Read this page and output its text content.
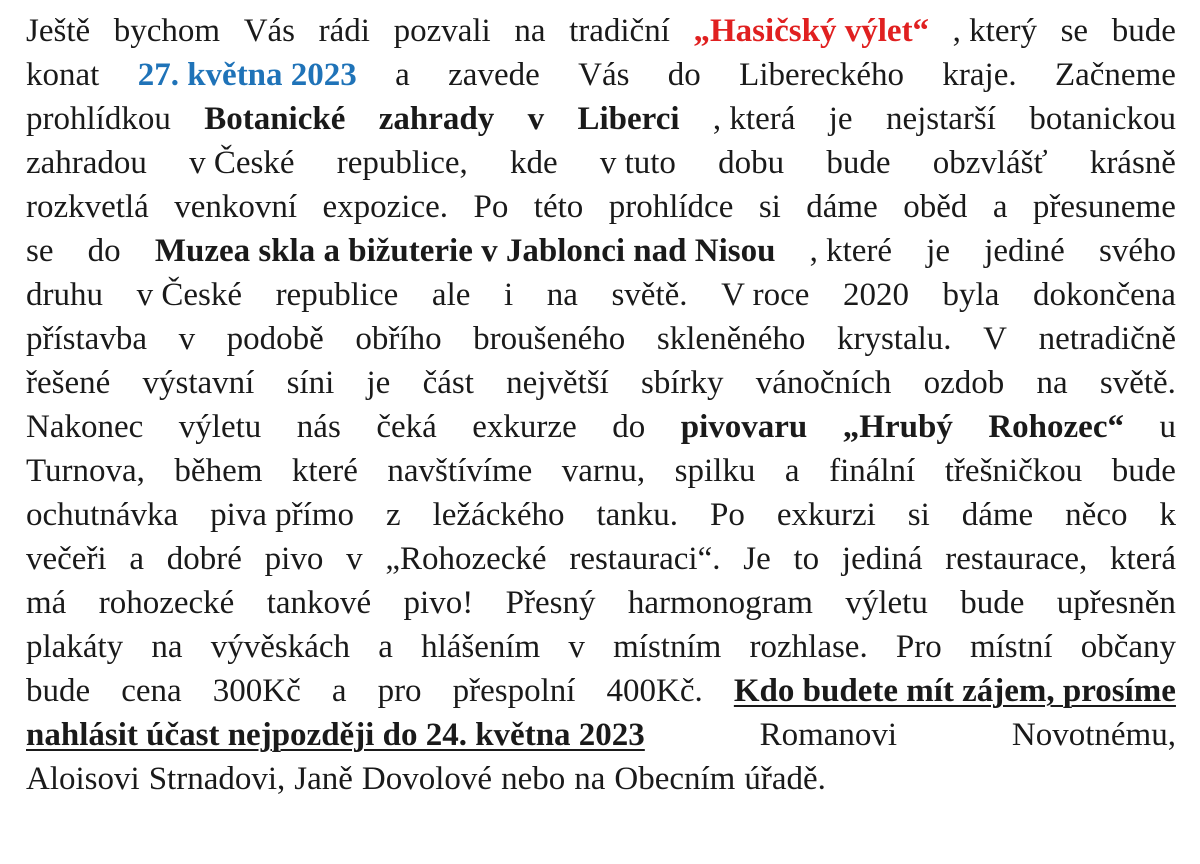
Ještě bychom Vás rádi pozvali na tradiční „Hasičský výlet“ , který se bude
konat 27. května 2023 a zavede Vás do Libereckého kraje. Začneme
prohlídkou Botanické zahrady v Liberci , která je nejstarší botanickou
zahradou v České republice, kde v tuto dobu bude obzvlášť krásně
rozkvetlá venkovní expozice. Po této prohlídce si dáme oběd a přesuneme
se do Muzea skla a bižuterie v Jablonci nad Nisou , které je jediné svého
druhu v České republice ale i na světě. V roce 2020 byla dokončena
přístavba v podobě obřího broušeného skleněného krystalu. V netradičně
řešené výstavní síni je část největší sbírky vánočních ozdob na světě.
Nakonec výletu nás čeká exkurze do pivovaru „Hrubý Rohozec“ u
Turnova, během které navštívíme varnu, spilku a finální třešničkou bude
ochutnávka piva přímo z ležáckého tanku. Po exkurzi si dáme něco k
večeři a dobré pivo v „Rohozecké restauraci“. Je to jediná restaurace, která
má rohozecké tankové pivo! Přesný harmonogram výletu bude upřesněn
plakáty na vývěskách a hlášením v místním rozhlase. Pro místní občany
bude cena 300Kč a pro přespolní 400Kč. Kdo budete mít zájem, prosíme
nahlásit účast nejpozději do 24. května 2023	Romanovi	Novotnému,
Aloisovi Strnadovi, Janě Dovolové nebo na Obecním úřadě.
